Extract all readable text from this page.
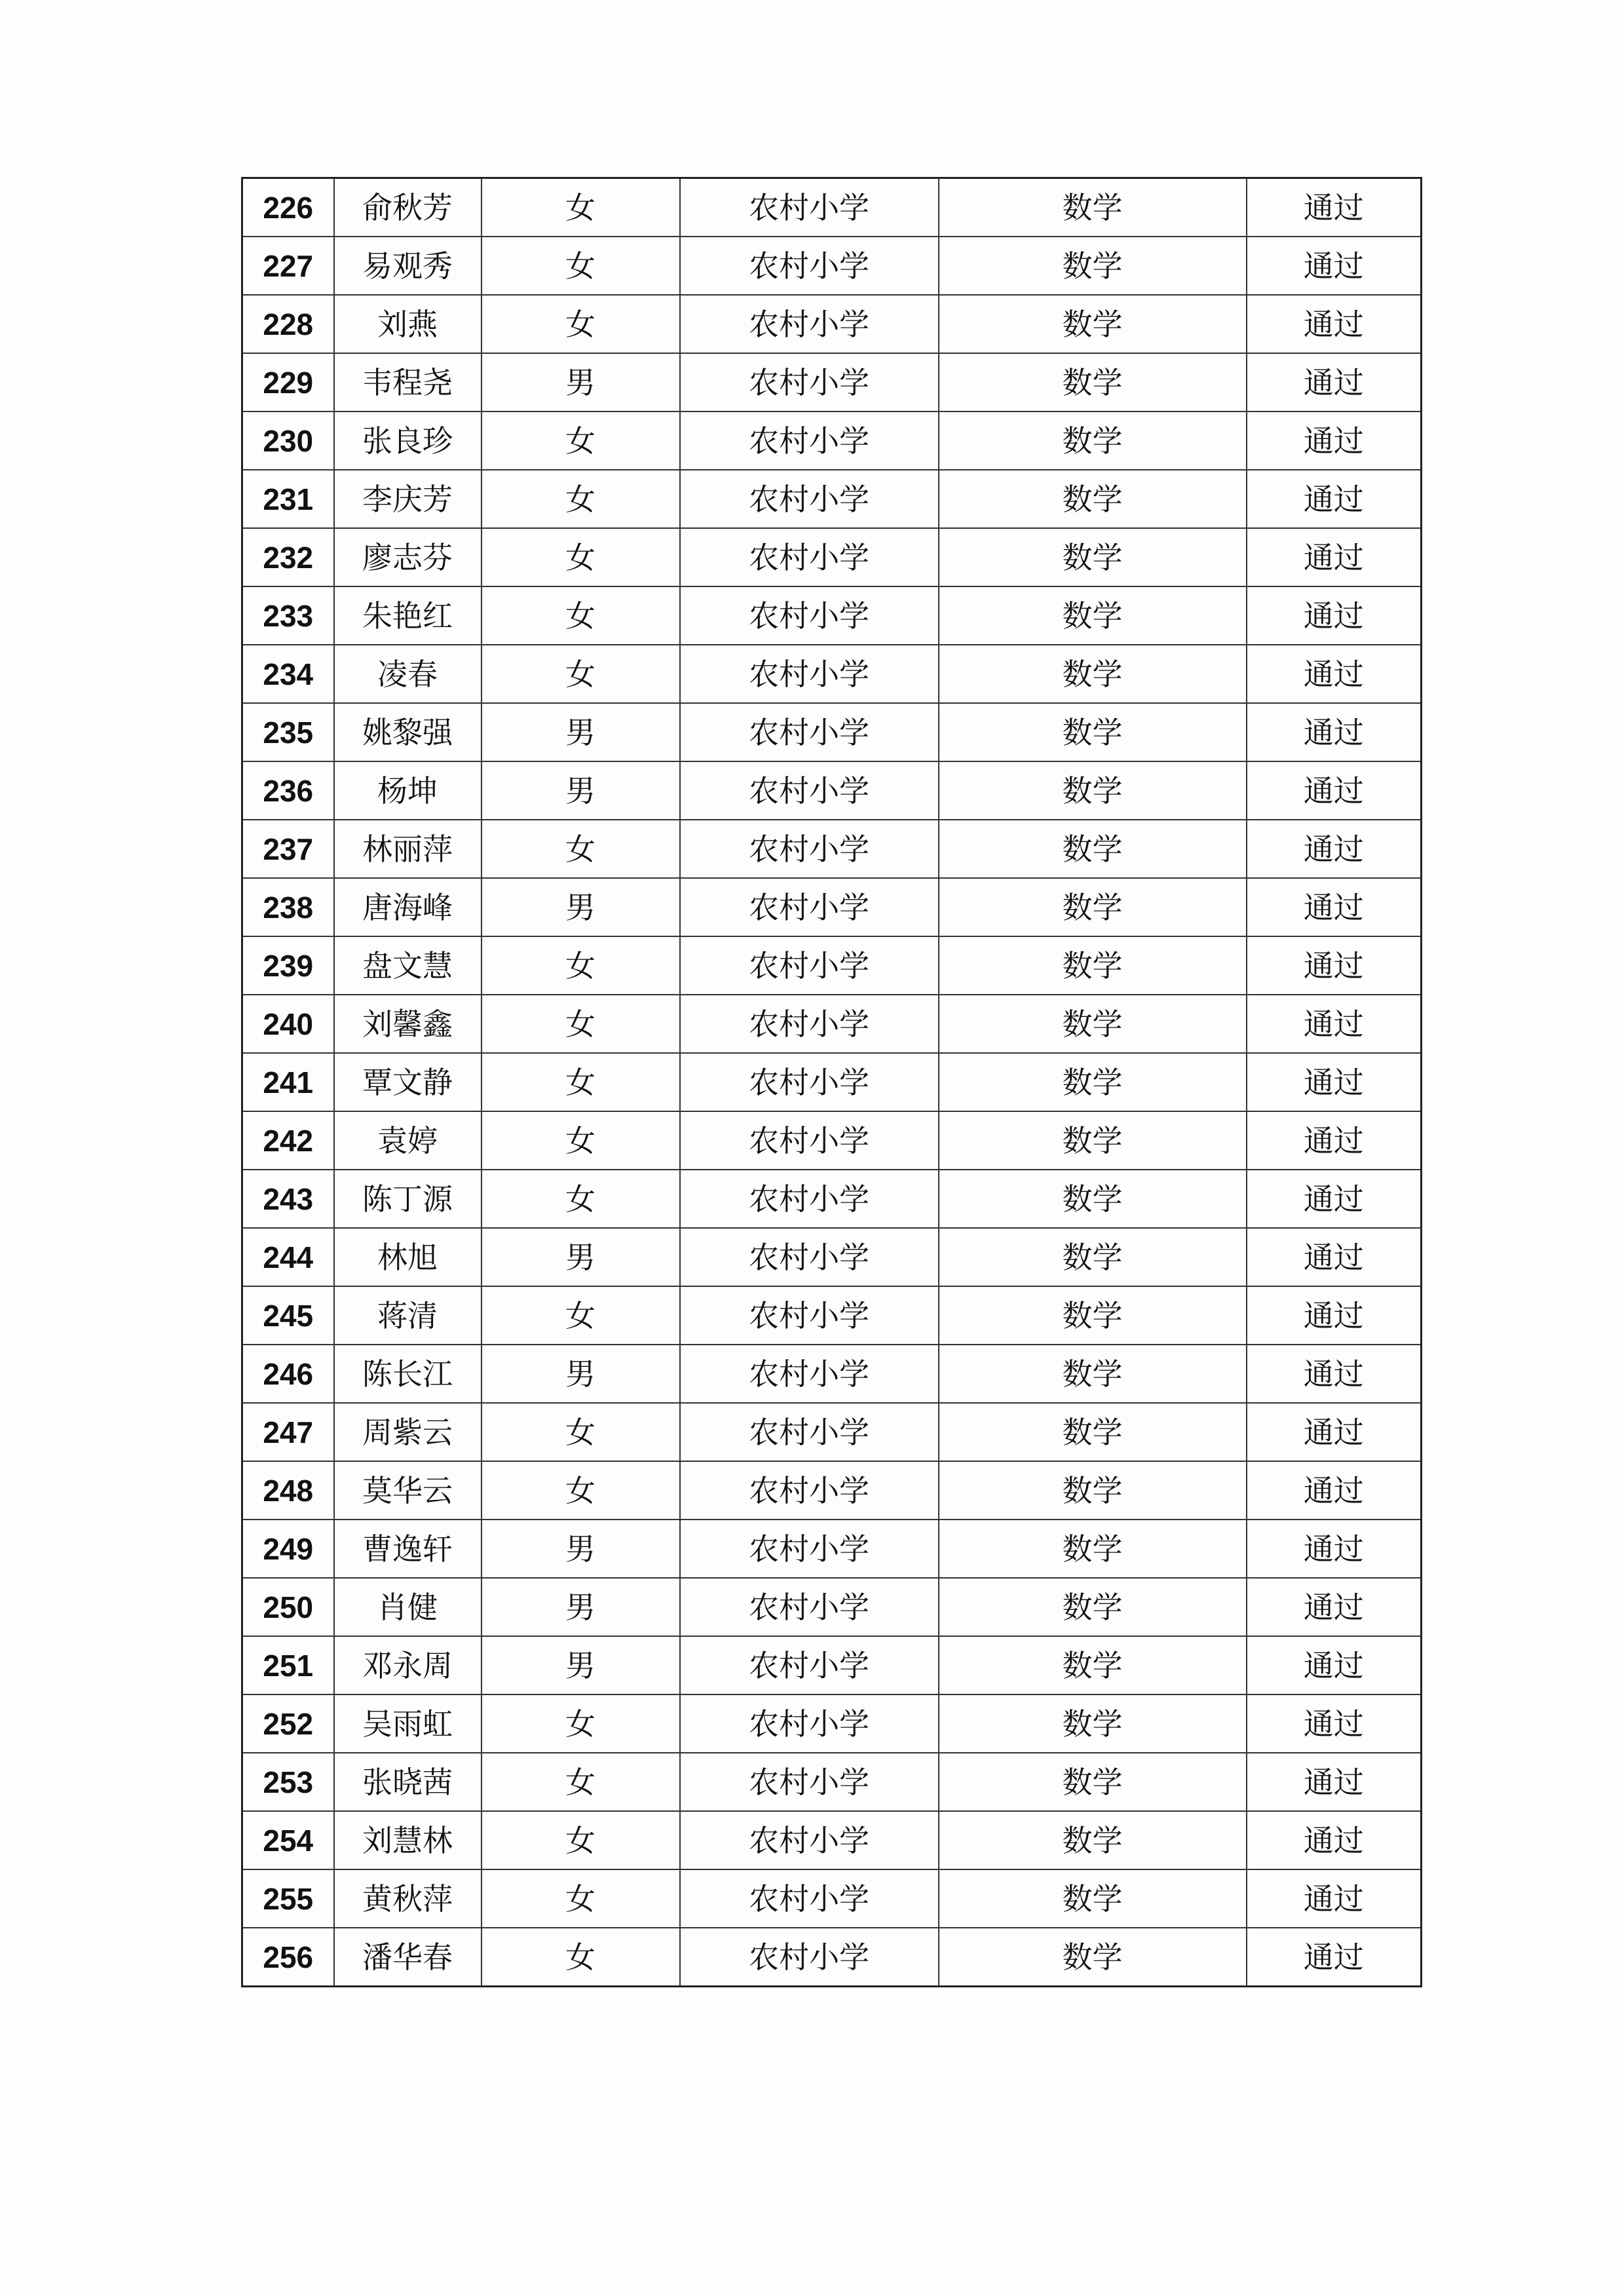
226	俞秋芳	女	农村小学	数学	通过
227	易观秀	女	农村小学	数学	通过
228	刘燕	女	农村小学	数学	通过
229	韦程尧	男	农村小学	数学	通过
230	张良珍	女	农村小学	数学	通过
231	李庆芳	女	农村小学	数学	通过
232	廖志芬	女	农村小学	数学	通过
233	朱艳红	女	农村小学	数学	通过
234	凌春	女	农村小学	数学	通过
235	姚黎强	男	农村小学	数学	通过
236	杨坤	男	农村小学	数学	通过
237	林丽萍	女	农村小学	数学	通过
238	唐海峰	男	农村小学	数学	通过
239	盘文慧	女	农村小学	数学	通过
240	刘馨鑫	女	农村小学	数学	通过
241	覃文静	女	农村小学	数学	通过
242	袁婷	女	农村小学	数学	通过
243	陈丁源	女	农村小学	数学	通过
244	林旭	男	农村小学	数学	通过
245	蒋清	女	农村小学	数学	通过
246	陈长江	男	农村小学	数学	通过
247	周紫云	女	农村小学	数学	通过
248	莫华云	女	农村小学	数学	通过
249	曹逸轩	男	农村小学	数学	通过
250	肖健	男	农村小学	数学	通过
251	邓永周	男	农村小学	数学	通过
252	吴雨虹	女	农村小学	数学	通过
253	张晓茜	女	农村小学	数学	通过
254	刘慧林	女	农村小学	数学	通过
255	黄秋萍	女	农村小学	数学	通过
256	潘华春	女	农村小学	数学	通过
